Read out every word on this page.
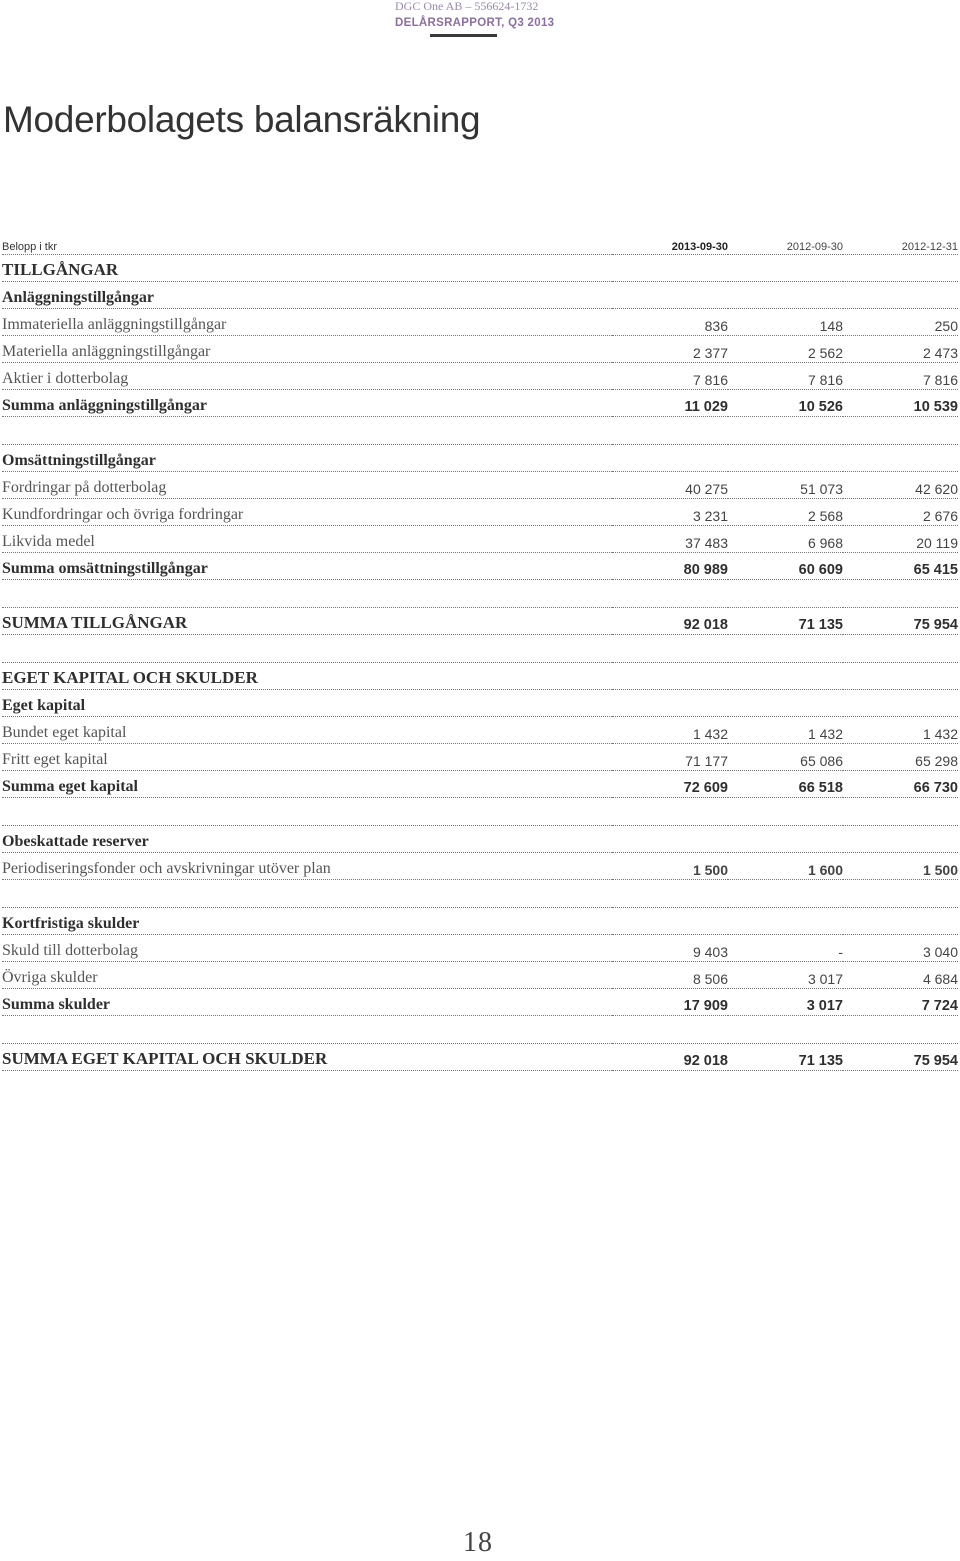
DGC One AB – 556624-1732
DELÅRSRAPPORT, Q3 2013
Moderbolagets balansräkning
Belopp i tkr	2013-09-30	2012-09-30	2012-12-31
TILLGÅNGAR			
Anläggningstillgångar			
Immateriella anläggningstillgångar	836	148	250
Materiella anläggningstillgångar	2 377	2 562	2 473
Aktier i dotterbolag	7 816	7 816	7 816
Summa anläggningstillgångar	11 029	10 526	10 539

Omsättningstillgångar			
Fordringar på dotterbolag	40 275	51 073	42 620
Kundfordringar och övriga fordringar	3 231	2 568	2 676
Likvida medel	37 483	6 968	20 119
Summa omsättningstillgångar	80 989	60 609	65 415

SUMMA TILLGÅNGAR	92 018	71 135	75 954

EGET KAPITAL OCH SKULDER			
Eget kapital			
Bundet eget kapital	1 432	1 432	1 432
Fritt eget kapital	71 177	65 086	65 298
Summa eget kapital	72 609	66 518	66 730

Obeskattade reserver			
Periodiseringsfonder och avskrivningar utöver plan	1 500	1 600	1 500

Kortfristiga skulder			
Skuld till dotterbolag	9 403	-	3 040
Övriga skulder	8 506	3 017	4 684
Summa skulder	17 909	3 017	7 724

SUMMA EGET KAPITAL OCH SKULDER	92 018	71 135	75 954
18
